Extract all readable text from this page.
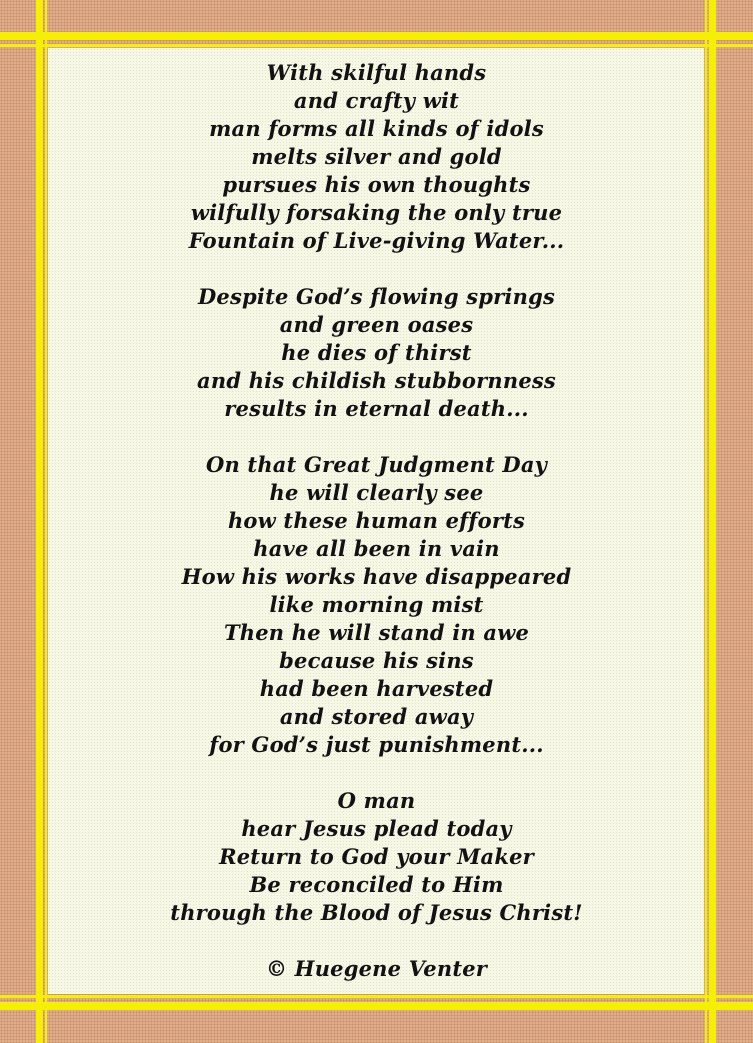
With skilful hands
and crafty wit
man forms all kinds of idols
melts silver and gold
pursues his own thoughts
wilfully forsaking the only true
Fountain of Live-giving Water...
Despite God’s flowing springs
and green oases
he dies of thirst
and his childish stubbornness
results in eternal death...
On that Great Judgment Day
he will clearly see
how these human efforts
have all been in vain
How his works have disappeared
like morning mist
Then he will stand in awe
because his sins
had been harvested
and stored away
for God’s just punishment...
O man
hear Jesus plead today
Return to God your Maker
Be reconciled to Him
through the Blood of Jesus Christ!
© Huegene Venter
